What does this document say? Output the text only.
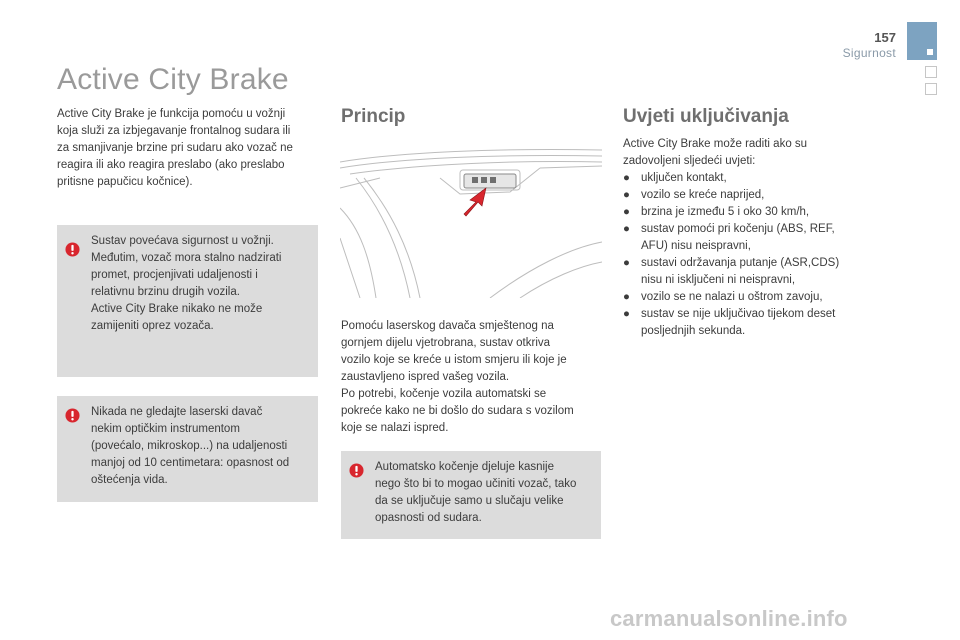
157
Sigurnost
Active City Brake
Active City Brake je funkcija pomoću u vožnji
koja služi za izbjegavanje frontalnog sudara ili
za smanjivanje brzine pri sudaru ako vozač ne
reagira ili ako reagira preslabo (ako preslabo
pritisne papučicu kočnice).
Sustav povećava sigurnost u vožnji.
Međutim, vozač mora stalno nadzirati
promet, procjenjivati udaljenosti i
relativnu brzinu drugih vozila.
Active City Brake nikako ne može
zamijeniti oprez vozača.
Nikada ne gledajte laserski davač
nekim optičkim instrumentom
(povećalo, mikroskop...) na udaljenosti
manjoj od 10 centimetara: opasnost od
oštećenja vida.
Princip
Pomoću laserskog davača smještenog na
gornjem dijelu vjetrobrana, sustav otkriva
vozilo koje se kreće u istom smjeru ili koje je
zaustavljeno ispred vašeg vozila.
Po potrebi, kočenje vozila automatski se
pokreće kako ne bi došlo do sudara s vozilom
koje se nalazi ispred.
Automatsko kočenje djeluje kasnije
nego što bi to mogao učiniti vozač, tako
da se uključuje samo u slučaju velike
opasnosti od sudara.
Uvjeti uključivanja
Active City Brake može raditi ako su
zadovoljeni sljedeći uvjeti:
● uključen kontakt,
● vozilo se kreće naprijed,
● brzina je između 5 i oko 30 km/h,
● sustav pomoći pri kočenju (ABS, REF,
AFU) nisu neispravni,
● sustavi održavanja putanje (ASR,CDS)
nisu ni isključeni ni neispravni,
● vozilo se ne nalazi u oštrom zavoju,
● sustav se nije uključivao tijekom deset
posljednjih sekunda.
carmanualsonline.info
